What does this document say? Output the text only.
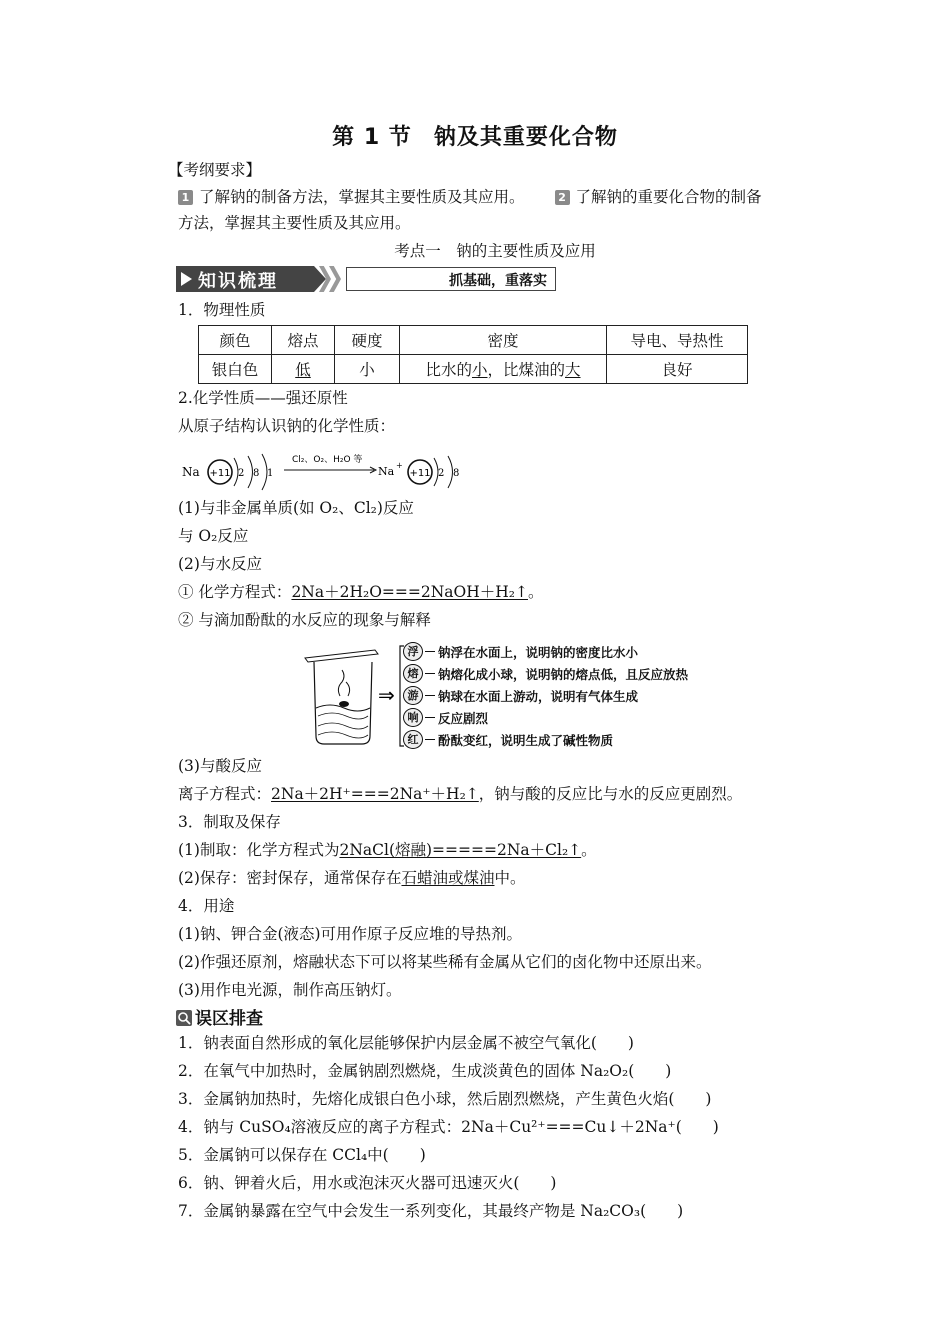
第 1 节 钠及其重要化合物
【考纲要求】
1 了解钠的制备方法，掌握其主要性质及其应用。	2 了解钠的重要化合物的制备
方法，掌握其主要性质及其应用。
考点一　钠的主要性质及应用
知识梳理	抓基础，重落实
1．物理性质
颜色	熔点	硬度	密度	导电、导热性
银白色	低	小	比水的小，比煤油的大	良好
2.化学性质——强还原性
从原子结构认识钠的化学性质：
Na +11 2 8 1
Cl₂、O₂、H₂O 等
Na +
+11 2 8
(1)与非金属单质(如 O₂、Cl₂)反应
与 O₂反应
(2)与水反应
① 化学方程式：2Na＋2H₂O===2NaOH＋H₂↑。
② 与滴加酚酞的水反应的现象与解释
⇒
浮	钠浮在水面上，说明钠的密度比水小
熔	钠熔化成小球，说明钠的熔点低，且反应放热
游	钠球在水面上游动，说明有气体生成
响	反应剧烈
红	酚酞变红，说明生成了碱性物质
(3)与酸反应
离子方程式：2Na＋2H⁺===2Na⁺＋H₂↑，钠与酸的反应比与水的反应更剧烈。
3．制取及保存
(1)制取：化学方程式为2NaCl(熔融)=====2Na＋Cl₂↑。
(2)保存：密封保存，通常保存在石蜡油或煤油中。
4．用途
(1)钠、钾合金(液态)可用作原子反应堆的导热剂。
(2)作强还原剂，熔融状态下可以将某些稀有金属从它们的卤化物中还原出来。
(3)用作电光源，制作高压钠灯。
误区排查
1．钠表面自然形成的氧化层能够保护内层金属不被空气氧化(　　)
2．在氧气中加热时，金属钠剧烈燃烧，生成淡黄色的固体 Na₂O₂(　　)
3．金属钠加热时，先熔化成银白色小球，然后剧烈燃烧，产生黄色火焰(　　)
4．钠与 CuSO₄溶液反应的离子方程式：2Na＋Cu²⁺===Cu↓＋2Na⁺(　　)
5．金属钠可以保存在 CCl₄中(　　)
6．钠、钾着火后，用水或泡沫灭火器可迅速灭火(　　)
7．金属钠暴露在空气中会发生一系列变化，其最终产物是 Na₂CO₃(　　)
